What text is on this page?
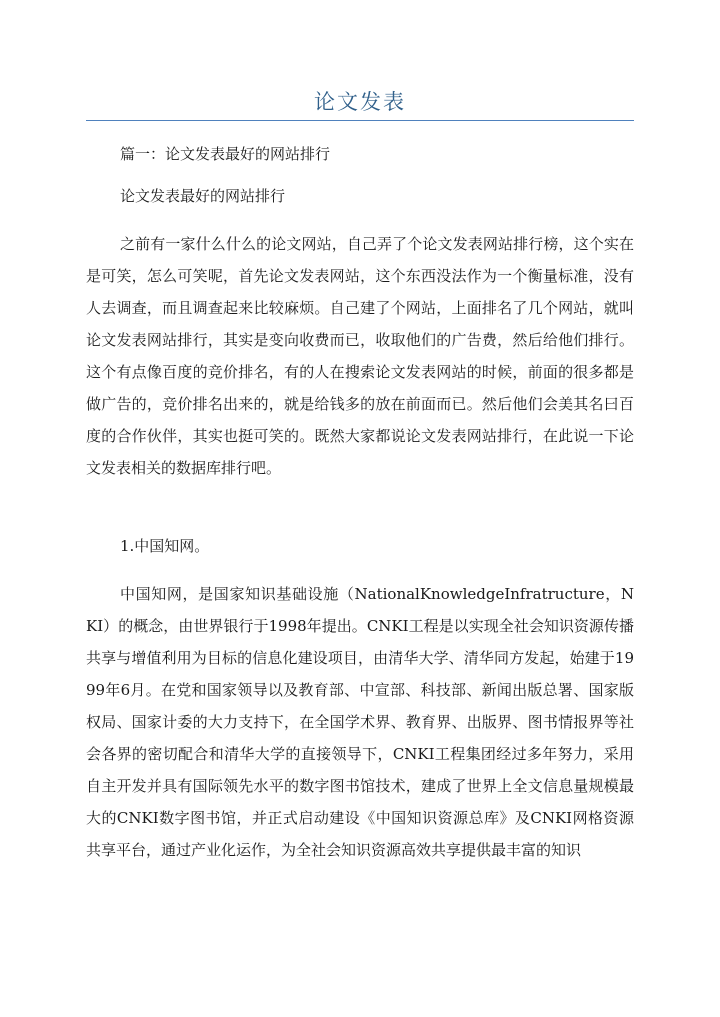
论文发表

篇一：论文发表最好的网站排行

论文发表最好的网站排行

之前有一家什么什么的论文网站，自己弄了个论文发表网站排行榜，这个实在是可笑，怎么可笑呢，首先论文发表网站，这个东西没法作为一个衡量标准，没有人去调查，而且调查起来比较麻烦。自己建了个网站，上面排名了几个网站，就叫论文发表网站排行，其实是变向收费而已，收取他们的广告费，然后给他们排行。这个有点像百度的竞价排名，有的人在搜索论文发表网站的时候，前面的很多都是做广告的，竞价排名出来的，就是给钱多的放在前面而已。然后他们会美其名曰百度的合作伙伴，其实也挺可笑的。既然大家都说论文发表网站排行，在此说一下论文发表相关的数据库排行吧。

1.中国知网。

中国知网，是国家知识基础设施（NationalKnowledgeInfratructure，NKI）的概念，由世界银行于1998年提出。CNKI工程是以实现全社会知识资源传播共享与增值利用为目标的信息化建设项目，由清华大学、清华同方发起，始建于1999年6月。在党和国家领导以及教育部、中宣部、科技部、新闻出版总署、国家版权局、国家计委的大力支持下，在全国学术界、教育界、出版界、图书情报界等社会各界的密切配合和清华大学的直接领导下，CNKI工程集团经过多年努力，采用自主开发并具有国际领先水平的数字图书馆技术，建成了世界上全文信息量规模最大的CNKI数字图书馆，并正式启动建设《中国知识资源总库》及CNKI网格资源共享平台，通过产业化运作，为全社会知识资源高效共享提供最丰富的知识
